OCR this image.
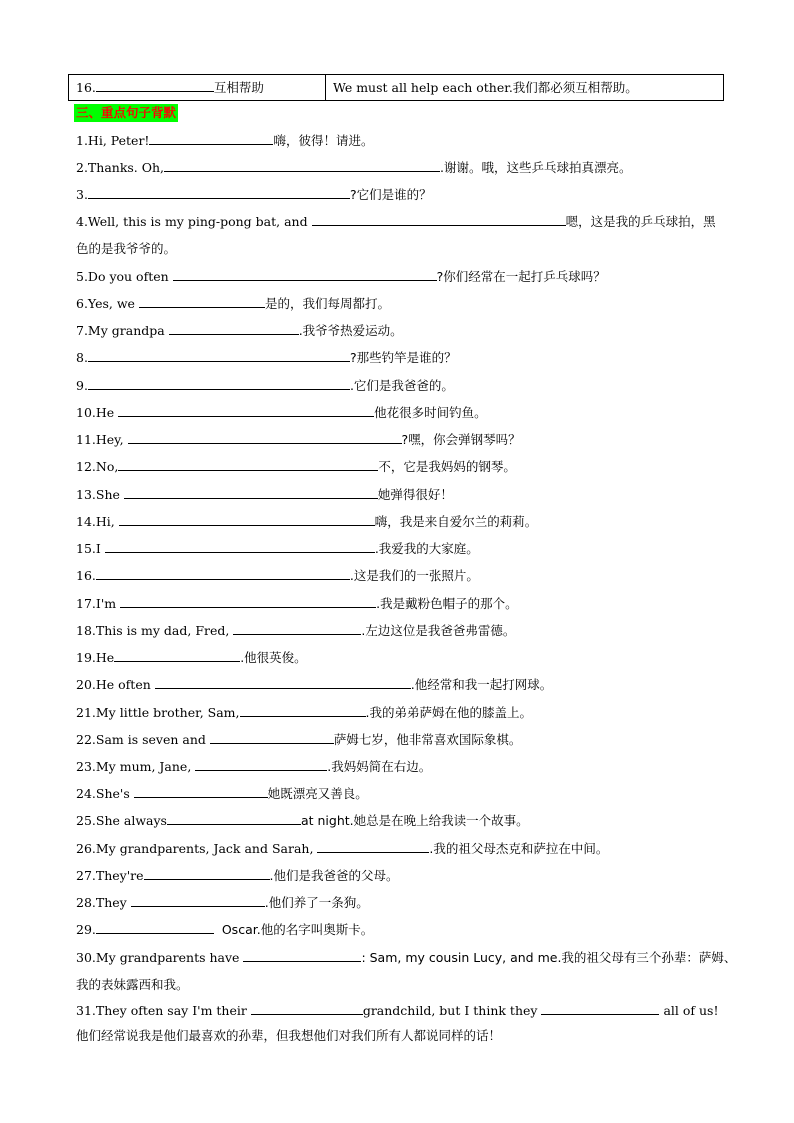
16.	互相帮助	We must all help each other.我们都必须互相帮助。
三、重点句子背默
1.Hi, Peter!	嗨，彼得！请进。
2.Thanks. Oh,	.谢谢。哦，这些乒乓球拍真漂亮。
3.	?它们是谁的？
4.Well, this is my ping-pong bat, and	嗯，这是我的乒乓球拍，黑
色的是我爷爷的。
5.Do you often	?你们经常在一起打乒乓球吗？
6.Yes, we	是的，我们每周都打。
7.My grandpa	.我爷爷热爱运动。
8.	?那些钓竿是谁的？
9.	.它们是我爸爸的。
10.He	他花很多时间钓鱼。
11.Hey,	?嘿，你会弹钢琴吗？
12.No,	不，它是我妈妈的钢琴。
13.She	她弹得很好！
14.Hi,	嗨，我是来自爱尔兰的莉莉。
15.I	.我爱我的大家庭。
16.	.这是我们的一张照片。
17.I'm	.我是戴粉色帽子的那个。
18.This is my dad, Fred,	.左边这位是我爸爸弗雷德。
19.He	.他很英俊。
20.He often	.他经常和我一起打网球。
21.My little brother, Sam,	.我的弟弟萨姆在他的膝盖上。
22.Sam is seven and	萨姆七岁，他非常喜欢国际象棋。
23.My mum, Jane,	.我妈妈简在右边。
24.She's	她既漂亮又善良。
25.She always	at night.她总是在晚上给我读一个故事。
26.My grandparents, Jack and Sarah,	.我的祖父母杰克和萨拉在中间。
27.They're	.他们是我爸爸的父母。
28.They	.他们养了一条狗。
29.	Oscar.他的名字叫奥斯卡。
30.My grandparents have	: Sam, my cousin Lucy, and me.我的祖父母有三个孙辈：萨姆、
我的表妹露西和我。
31.They often say I'm their	grandchild, but I think they	all of us!
他们经常说我是他们最喜欢的孙辈，但我想他们对我们所有人都说同样的话！
